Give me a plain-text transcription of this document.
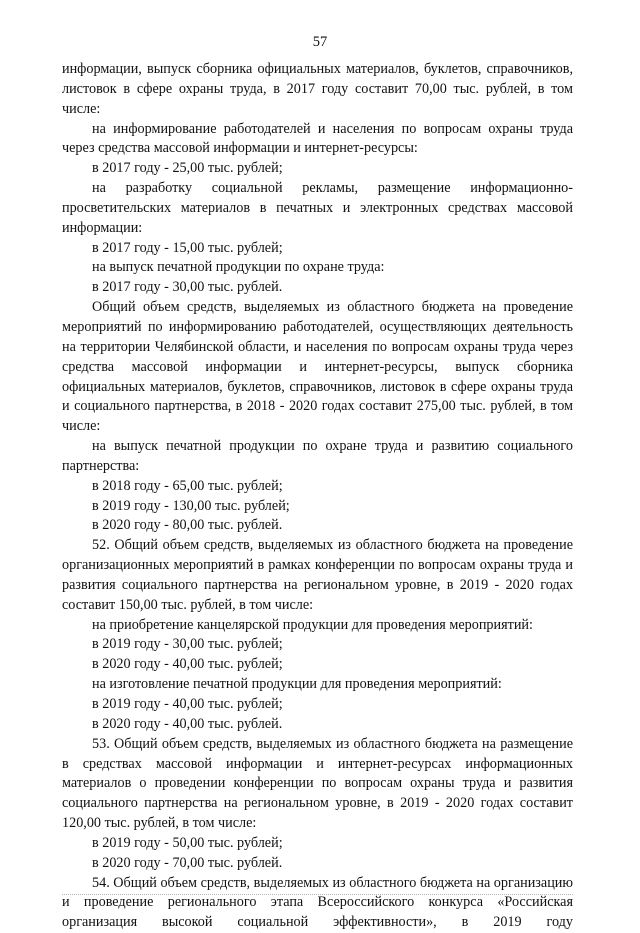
57

информации, выпуск сборника официальных материалов, буклетов, справочников, листовок в сфере охраны труда, в 2017 году составит 70,00 тыс. рублей, в том числе:

на информирование работодателей и населения по вопросам охраны труда через средства массовой информации и интернет-ресурсы:

в 2017 году - 25,00 тыс. рублей;

на разработку социальной рекламы, размещение информационно-просветительских материалов в печатных и электронных средствах массовой информации:

в 2017 году - 15,00 тыс. рублей;

на выпуск печатной продукции по охране труда:

в 2017 году - 30,00 тыс. рублей.

Общий объем средств, выделяемых из областного бюджета на проведение мероприятий по информированию работодателей, осуществляющих деятельность на территории Челябинской области, и населения по вопросам охраны труда через средства массовой информации и интернет-ресурсы, выпуск сборника официальных материалов, буклетов, справочников, листовок в сфере охраны труда и социального партнерства, в 2018 - 2020 годах составит 275,00 тыс. рублей, в том числе:

на выпуск печатной продукции по охране труда и развитию социального партнерства:

в 2018 году - 65,00 тыс. рублей;

в 2019 году - 130,00 тыс. рублей;

в 2020 году - 80,00 тыс. рублей.

52. Общий объем средств, выделяемых из областного бюджета на проведение организационных мероприятий в рамках конференции по вопросам охраны труда и развития социального партнерства на региональном уровне, в 2019 - 2020 годах составит 150,00 тыс. рублей, в том числе:

на приобретение канцелярской продукции для проведения мероприятий:

в 2019 году - 30,00 тыс. рублей;

в 2020 году - 40,00 тыс. рублей;

на изготовление печатной продукции для проведения мероприятий:

в 2019 году - 40,00 тыс. рублей;

в 2020 году - 40,00 тыс. рублей.

53. Общий объем средств, выделяемых из областного бюджета на размещение в средствах массовой информации и интернет-ресурсах информационных материалов о проведении конференции по вопросам охраны труда и развития социального партнерства на региональном уровне, в 2019 - 2020 годах составит 120,00 тыс. рублей, в том числе:

в 2019 году - 50,00 тыс. рублей;

в 2020 году - 70,00 тыс. рублей.

54. Общий объем средств, выделяемых из областного бюджета на организацию и проведение регионального этапа Всероссийского конкурса «Российская организация высокой социальной эффективности», в 2019 году
